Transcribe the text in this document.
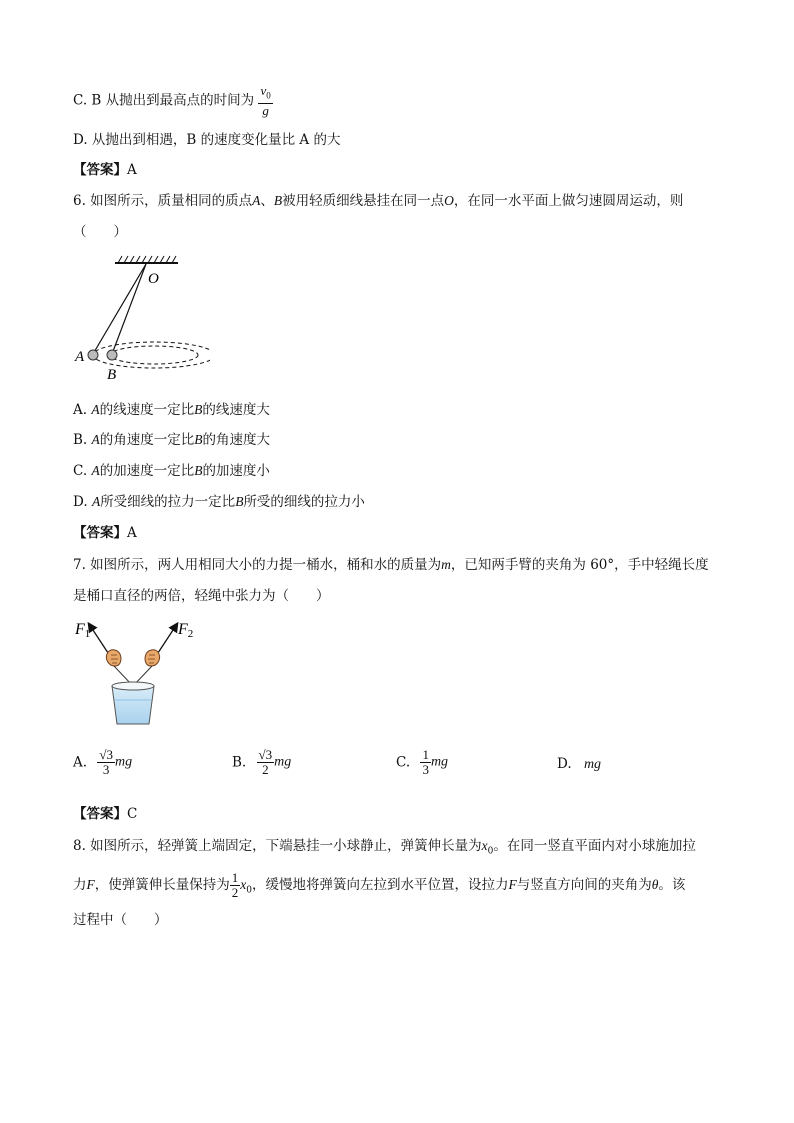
C. B 从抛出到最高点的时间为 $\frac{v_0}{g}$
D. 从抛出到相遇，B 的速度变化量比 A 的大
【答案】A
6. 如图所示，质量相同的质点A、B被用轻质细线悬挂在同一点O，在同一水平面上做匀速圆周运动，则
（　　）
O
A
B
A. A的线速度一定比B的线速度大
B. A的角速度一定比B的角速度大
C. A的加速度一定比B的加速度小
D. A所受细线的拉力一定比B所受的细线的拉力小
【答案】A
7. 如图所示，两人用相同大小的力提一桶水，桶和水的质量为m，已知两手臂的夹角为 60°，手中轻绳长度
是桶口直径的两倍，轻绳中张力为（　　）
F1	F2
A. $\frac{√3}{3}$ mg	B. $\frac{√3}{2}$ mg	C. $\frac{1}{3}$ mg	D. mg
【答案】C
8. 如图所示，轻弹簧上端固定，下端悬挂一小球静止，弹簧伸长量为$x_0$。在同一竖直平面内对小球施加拉
力F，使弹簧伸长量保持为 $\frac{1}{2} x_0$，缓慢地将弹簧向左拉到水平位置，设拉力F与竖直方向间的夹角为θ。该
过程中（　　）
